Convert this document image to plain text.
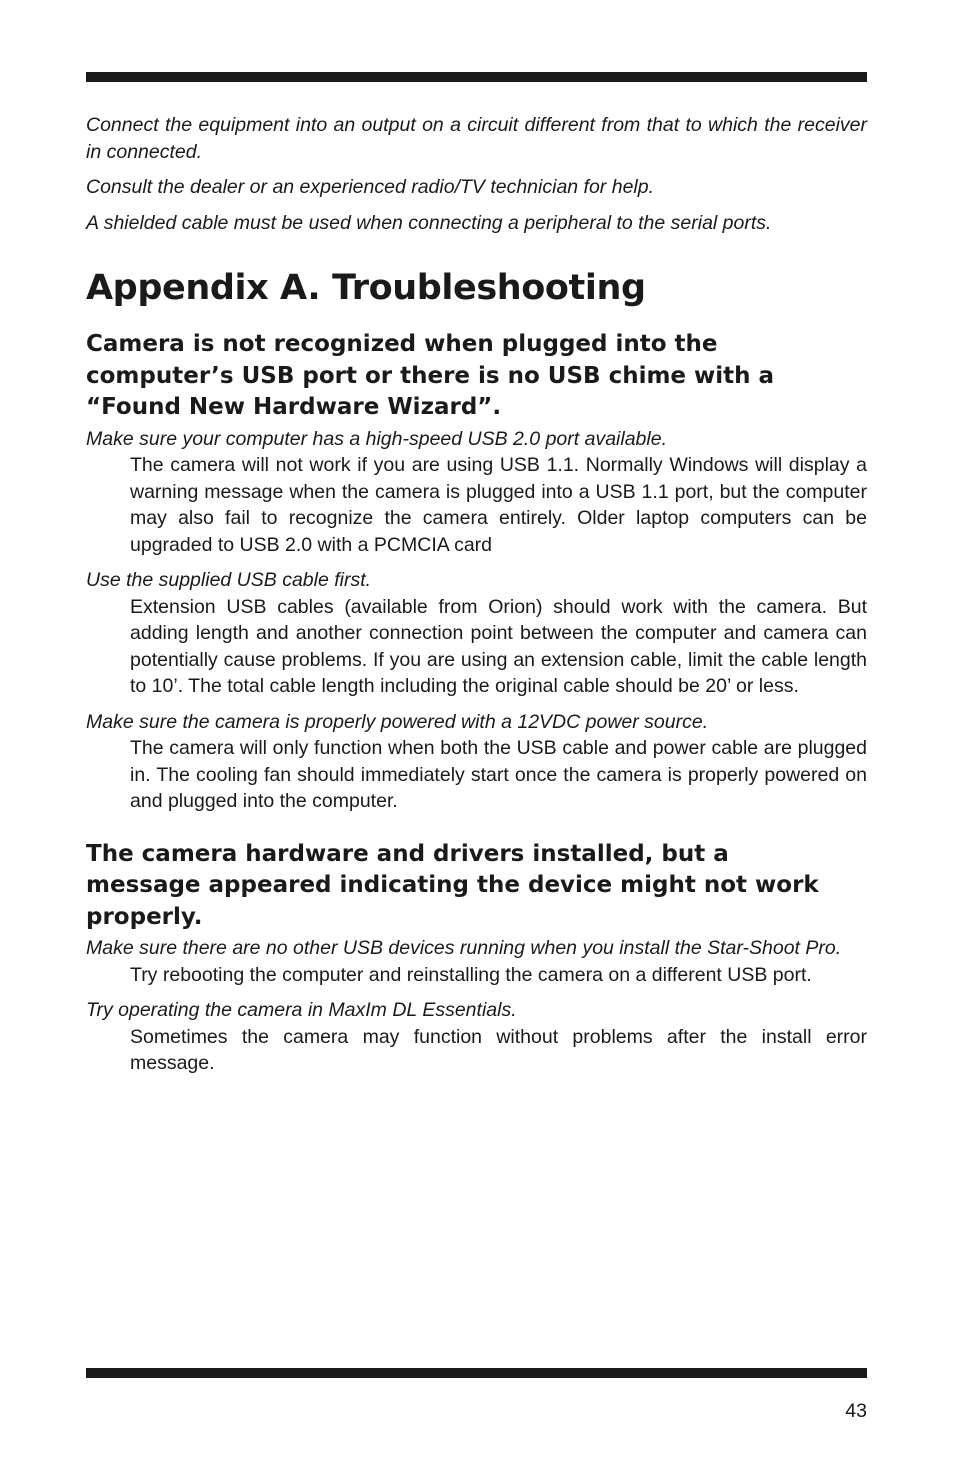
Connect the equipment into an output on a circuit different from that to which the receiver in connected.

Consult the dealer or an experienced radio/TV technician for help.

A shielded cable must be used when connecting a peripheral to the serial ports.

Appendix A. Troubleshooting
Camera is not recognized when plugged into the computer’s USB port or there is no USB chime with a “Found New Hardware Wizard”.

Make sure your computer has a high-speed USB 2.0 port available.

The camera will not work if you are using USB 1.1. Normally Windows will display a warning message when the camera is plugged into a USB 1.1 port, but the computer may also fail to recognize the camera entirely. Older laptop computers can be upgraded to USB 2.0 with a PCMCIA card

Use the supplied USB cable first.

Extension USB cables (available from Orion) should work with the camera. But adding length and another connection point between the computer and camera can potentially cause problems. If you are using an extension cable, limit the cable length to 10’. The total cable length including the original cable should be 20’ or less.

Make sure the camera is properly powered with a 12VDC power source.

The camera will only function when both the USB cable and power cable are plugged in. The cooling fan should immediately start once the camera is properly powered on and plugged into the computer.

The camera hardware and drivers installed, but a message appeared indicating the device might not work properly.

Make sure there are no other USB devices running when you install the Star-Shoot Pro.

Try rebooting the computer and reinstalling the camera on a different USB port.

Try operating the camera in MaxIm DL Essentials.

Sometimes the camera may function without problems after the install error message.

43
